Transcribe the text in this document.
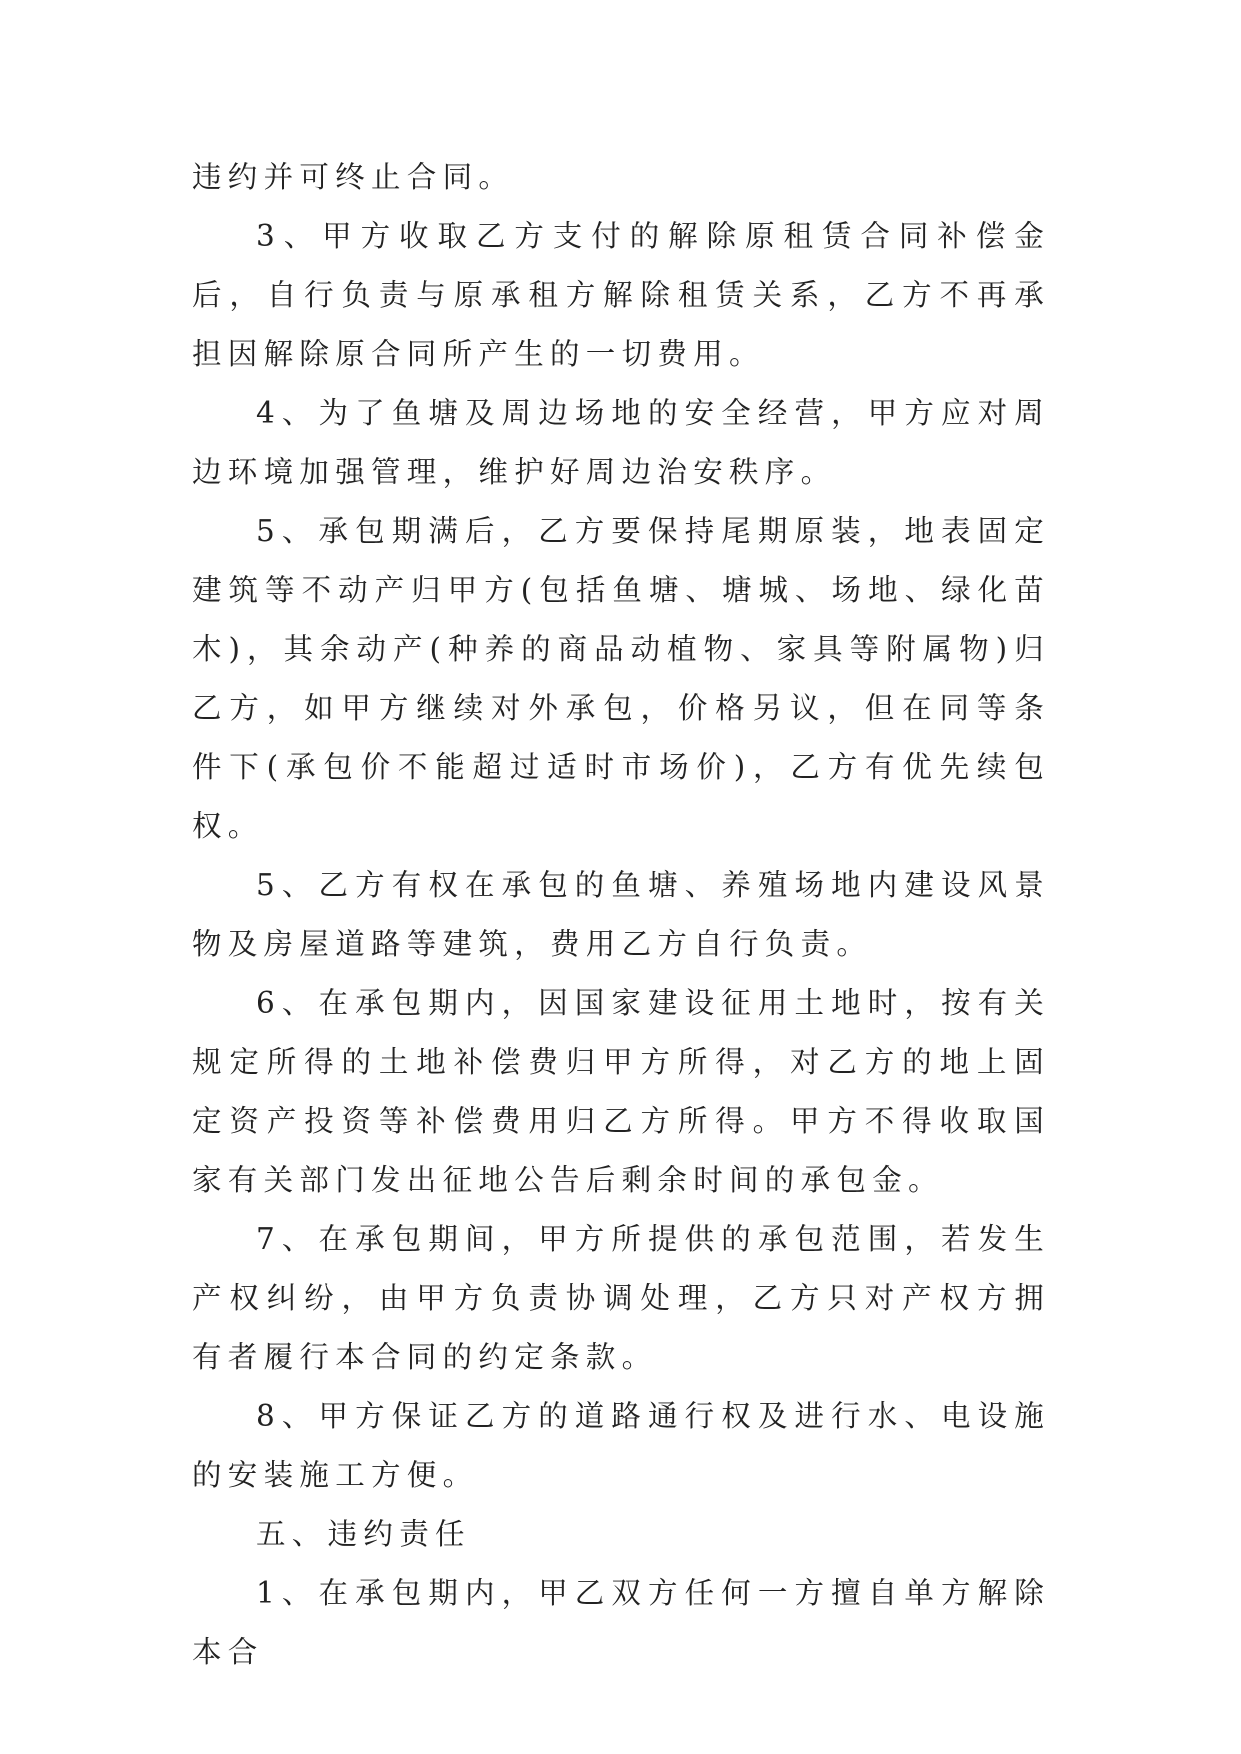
违约并可终止合同。

3、甲方收取乙方支付的解除原租赁合同补偿金后，自行负责与原承租方解除租赁关系，乙方不再承担因解除原合同所产生的一切费用。

4、为了鱼塘及周边场地的安全经营，甲方应对周边环境加强管理，维护好周边治安秩序。

5、承包期满后，乙方要保持尾期原装，地表固定建筑等不动产归甲方(包括鱼塘、塘城、场地、绿化苗木)，其余动产(种养的商品动植物、家具等附属物)归乙方，如甲方继续对外承包，价格另议，但在同等条件下(承包价不能超过适时市场价)，乙方有优先续包权。

5、乙方有权在承包的鱼塘、养殖场地内建设风景物及房屋道路等建筑，费用乙方自行负责。

6、在承包期内，因国家建设征用土地时，按有关规定所得的土地补偿费归甲方所得，对乙方的地上固定资产投资等补偿费用归乙方所得。甲方不得收取国家有关部门发出征地公告后剩余时间的承包金。

7、在承包期间，甲方所提供的承包范围，若发生产权纠纷，由甲方负责协调处理，乙方只对产权方拥有者履行本合同的约定条款。

8、甲方保证乙方的道路通行权及进行水、电设施的安装施工方便。

五、违约责任

1、在承包期内，甲乙双方任何一方擅自单方解除本合
